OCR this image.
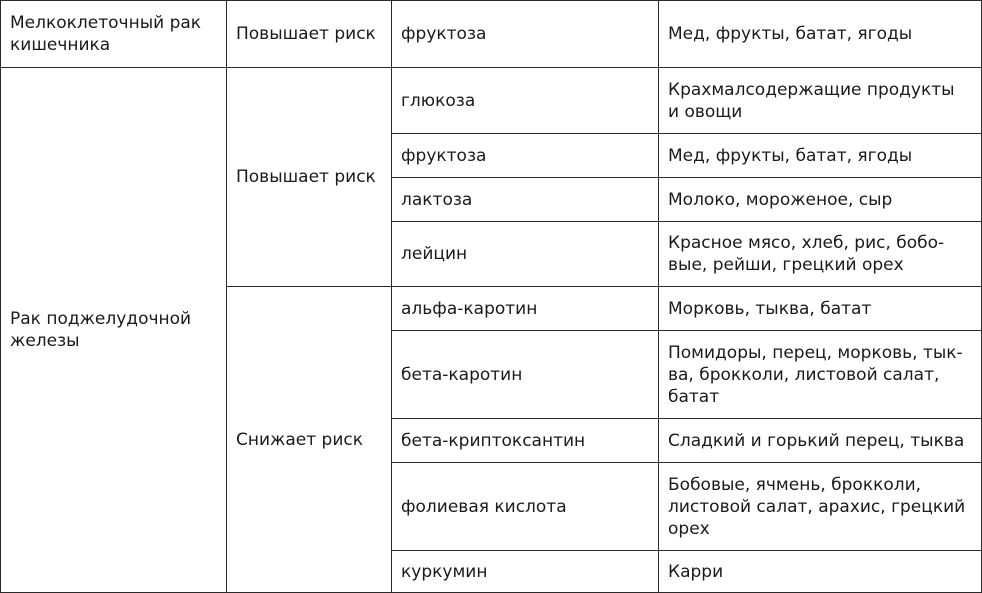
Мелкоклеточный рак кишечника	Повышает риск	фруктоза	Мед, фрукты, батат, ягоды
Рак поджелудочной железы	Повышает риск	глюкоза	Крахмалсодержащие продукты и овощи
		фруктоза	Мед, фрукты, батат, ягоды
		лактоза	Молоко, мороженое, сыр
		лейцин	Красное мясо, хлеб, рис, бобо-вые, рейши, грецкий орех
	Снижает риск	альфа-каротин	Морковь, тыква, батат
		бета-каротин	Помидоры, перец, морковь, тык-ва, брокколи, листовой салат, батат
		бета-криптоксантин	Сладкий и горький перец, тыква
		фолиевая кислота	Бобовые, ячмень, брокколи, листовой салат, арахис, грецкий орех
		куркумин	Карри
